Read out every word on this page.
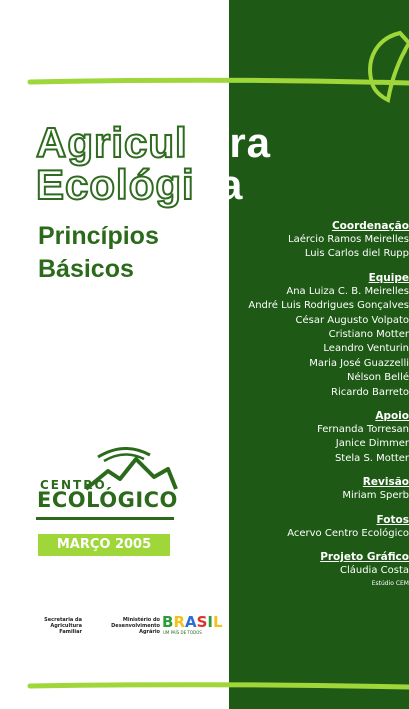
Agricultura
Ecológica
Princípios
Básicos
Coordenação
Laércio Ramos Meirelles
Luis Carlos diel Rupp
Equipe
Ana Luiza C. B. Meirelles
André Luis Rodrigues Gonçalves
César Augusto Volpato
Cristiano Motter
Leandro Venturin
Maria José Guazzelli
Nélson Bellé
Ricardo Barreto
Apoio
Fernanda Torresan
Janice Dimmer
Stela S. Motter
Revisão
Miriam Sperb
Fotos
Acervo Centro Ecológico
Projeto Gráfico
Cláudia Costa
Estúdio CEM
CENTRO
ECOLÓGICO
MARÇO 2005
Secretaria da
Agricultura Familiar
Ministério do
Desenvolvimento Agrário
BRASIL
UM PAÍS DE TODOS
